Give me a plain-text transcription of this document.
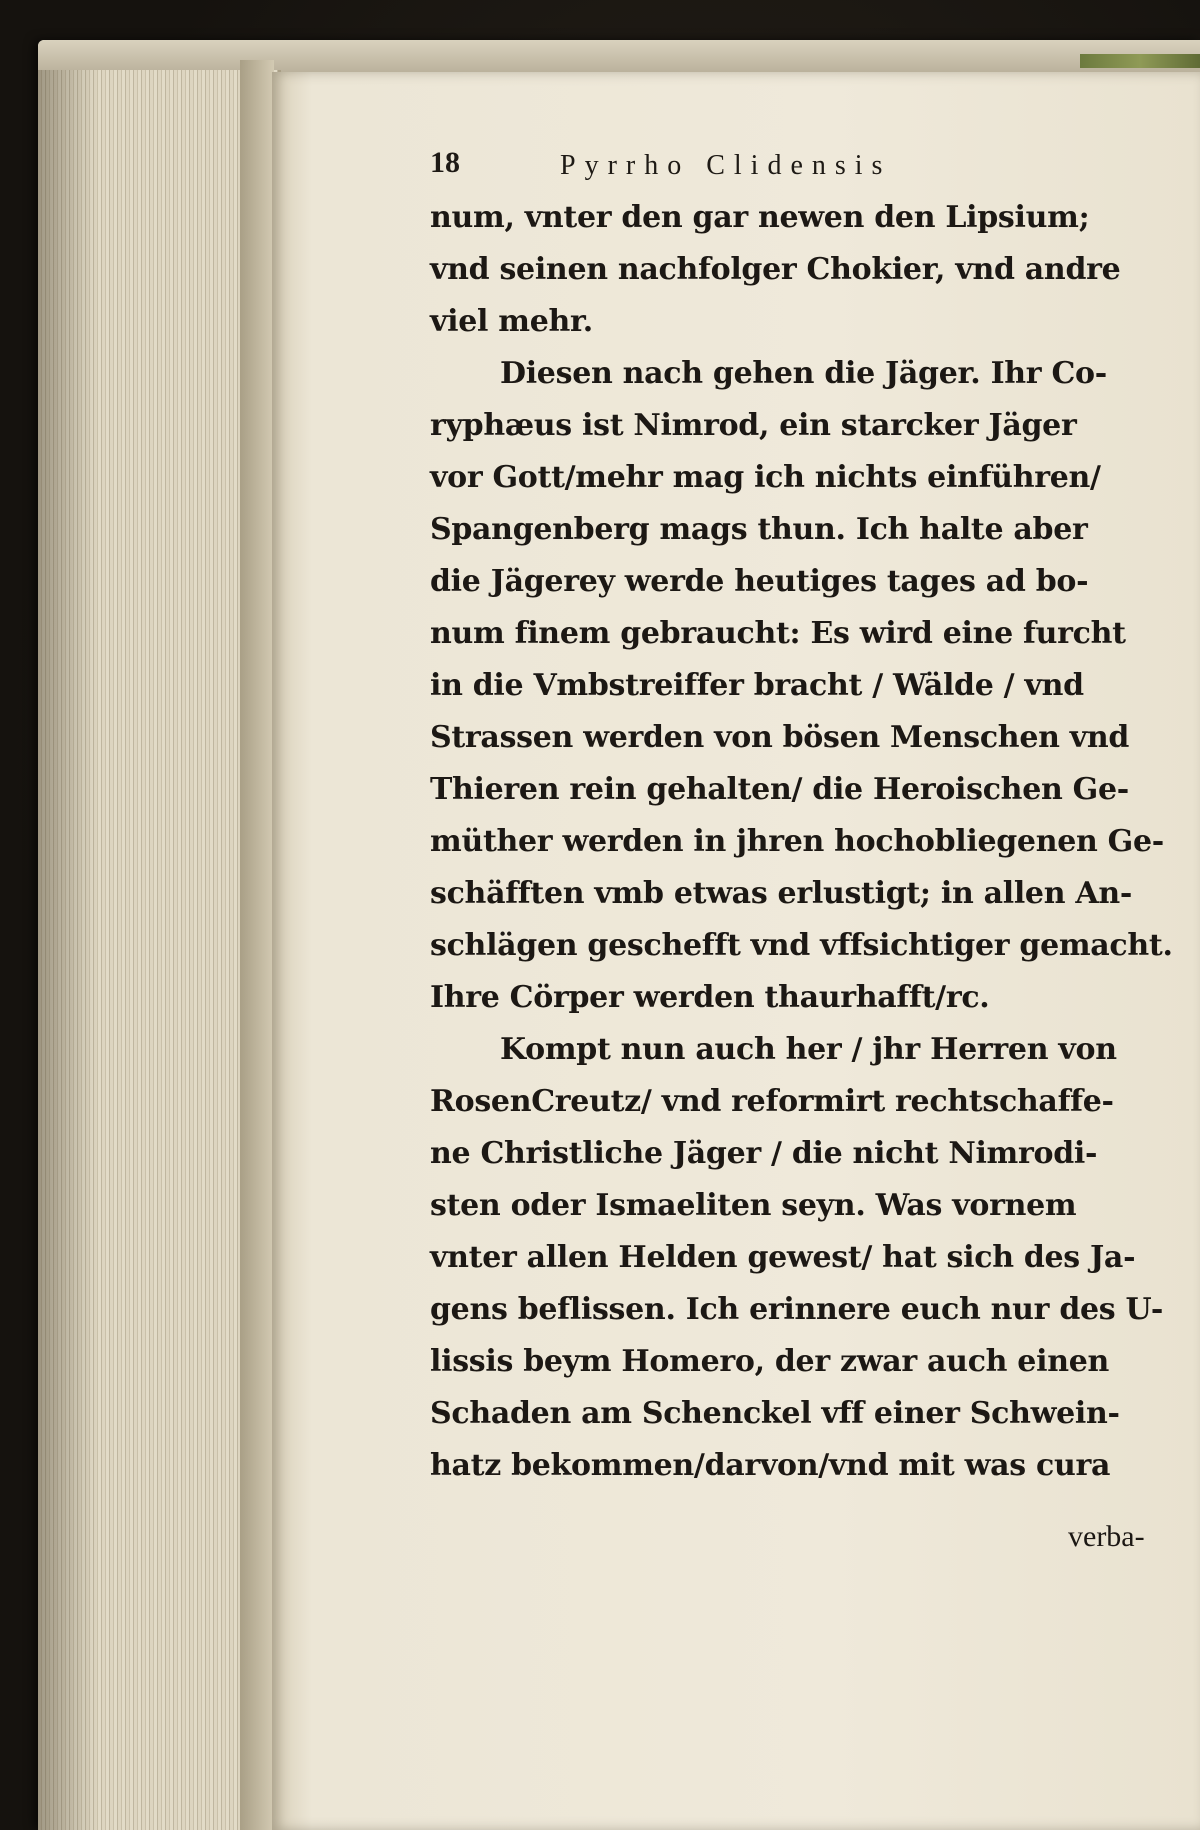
18	Pyrrho Clidensis
num, vnter den gar newen den Lipsium;
vnd seinen nachfolger Chokier, vnd andre
viel mehr.
Diesen nach gehen die Jäger. Ihr Co-
ryphæus ist Nimrod, ein starcker Jäger
vor Gott/mehr mag ich nichts einführen/
Spangenberg mags thun. Ich halte aber
die Jägerey werde heutiges tages ad bo-
num finem gebraucht: Es wird eine furcht
in die Vmbstreiffer bracht / Wälde / vnd
Strassen werden von bösen Menschen vnd
Thieren rein gehalten/ die Heroischen Ge-
müther werden in jhren hochobliegenen Ge-
schäfften vmb etwas erlustigt; in allen An-
schlägen geschefft vnd vffsichtiger gemacht.
Ihre Cörper werden thaurhafft/rc.
Kompt nun auch her / jhr Herren von
RosenCreutz/ vnd reformirt rechtschaffe-
ne Christliche Jäger / die nicht Nimrodi-
sten oder Ismaeliten seyn. Was vornem
vnter allen Helden gewest/ hat sich des Ja-
gens beflissen. Ich erinnere euch nur des U-
lissis beym Homero, der zwar auch einen
Schaden am Schenckel vff einer Schwein-
hatz bekommen/darvon/vnd mit was cura
verba-
